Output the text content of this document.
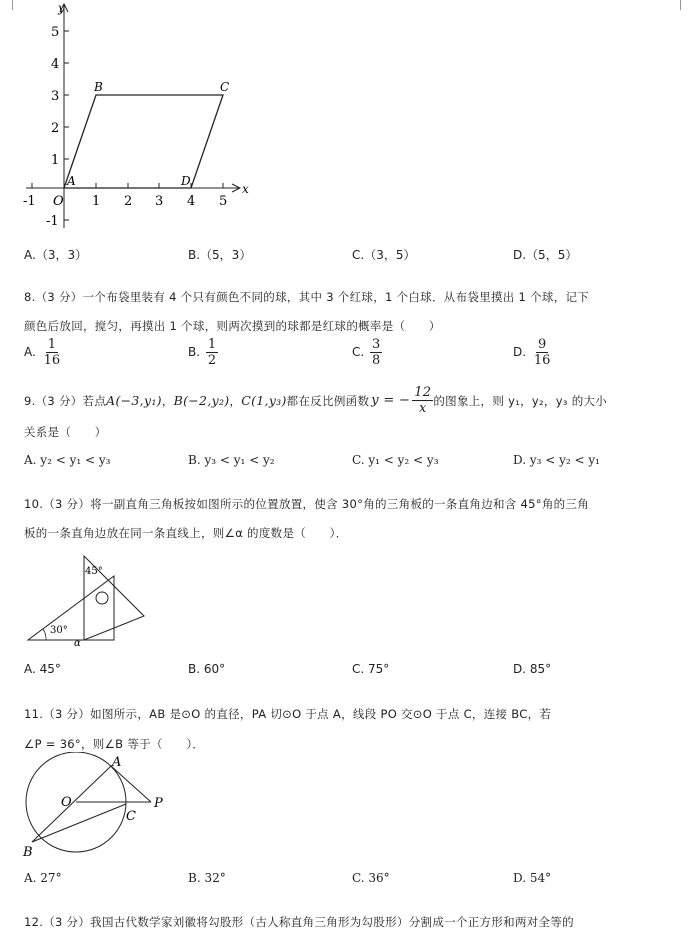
5
4
3
2
1
-1
-1	1 2 3 4 5
O
x
y
A
B	C
D
A.（3，3）	B.（5，3）	C.（3，5）	D.（5，5）
8.（3 分）一个布袋里装有 4 个只有颜色不同的球，其中 3 个红球，1 个白球．从布袋里摸出 1 个球，记下
颜色后放回，搅匀，再摸出 1 个球，则两次摸到的球都是红球的概率是（　　）
A. $\frac{1}{16}$	B. $\frac{1}{2}$	C. $\frac{3}{8}$	D. $\frac{9}{16}$
9.（3 分）若点 A(−3,y₁) ， B(−2,y₂) ， C(1,y₃) 都在反比例函数 y = − $\frac{12}{x}$ 的图象上，则 y₁，y₂，y₃ 的大小
关系是（　　）
A. y₂ < y₁ < y₃	B. y₃ < y₁ < y₂	C. y₁ < y₂ < y₃	D. y₃ < y₂ < y₁
10.（3 分）将一副直角三角板按如图所示的位置放置，使含 30°角的三角板的一条直角边和含 45°角的三角
板的一条直角边放在同一条直线上，则∠α 的度数是（　　）．
45°
30°
α
A. 45°	B. 60°	C. 75°	D. 85°
11.（3 分）如图所示，AB 是⊙O 的直径，PA 切⊙O 于点 A，线段 PO 交⊙O 于点 C，连接 BC，若
∠P = 36°，则∠B 等于（　　）．
A
O	P
C
B
A. 27°	B. 32°	C. 36°	D. 54°
12.（3 分）我国古代数学家刘徽将勾股形（古人称直角三角形为勾股形）分割成一个正方形和两对全等的
